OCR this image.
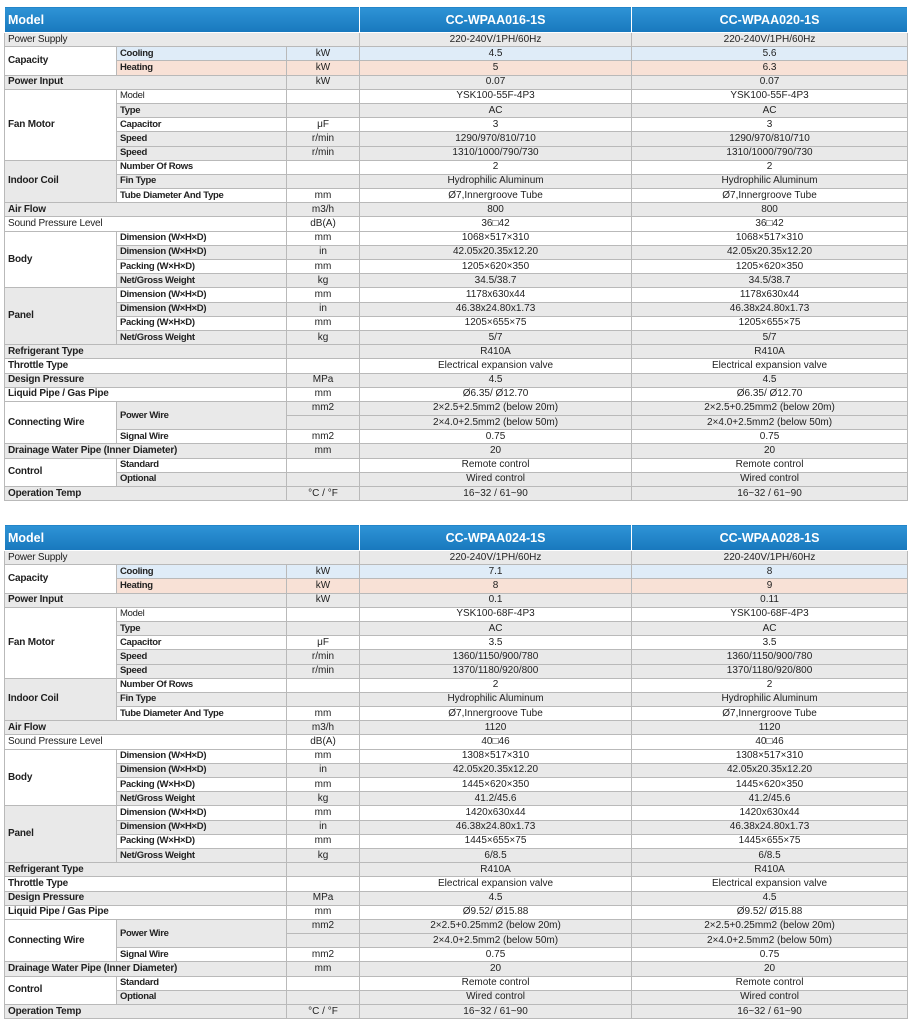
Model			CC-WPAA016-1S	CC-WPAA020-1S
Power Supply			220-240V/1PH/60Hz	220-240V/1PH/60Hz
Capacity	Cooling	kW	4.5	5.6
	Heating	kW	5	6.3
Power Input		kW	0.07	0.07
Fan Motor	Model		YSK100-55F-4P3	YSK100-55F-4P3
	Type		AC	AC
	Capacitor	μF	3	3
	Speed	r/min	1290/970/810/710	1290/970/810/710
	Speed	r/min	1310/1000/790/730	1310/1000/790/730
Indoor Coil	Number Of Rows		2	2
	Fin Type		Hydrophilic Aluminum	Hydrophilic Aluminum
	Tube Diameter And Type	mm	Ø7,Innergroove Tube	Ø7,Innergroove Tube
Air Flow		m3/h	800	800
Sound Pressure Level		dB(A)	36□42	36□42
Body	Dimension (W×H×D)	mm	1068×517×310	1068×517×310
	Dimension (W×H×D)	in	42.05x20.35x12.20	42.05x20.35x12.20
	Packing (W×H×D)	mm	1205×620×350	1205×620×350
	Net/Gross Weight	kg	34.5/38.7	34.5/38.7
Panel	Dimension (W×H×D)	mm	1178x630x44	1178x630x44
	Dimension (W×H×D)	in	46.38x24.80x1.73	46.38x24.80x1.73
	Packing (W×H×D)	mm	1205×655×75	1205×655×75
	Net/Gross Weight	kg	5/7	5/7
Refrigerant Type			R410A	R410A
Throttle Type			Electrical expansion valve	Electrical expansion valve
Design Pressure		MPa	4.5	4.5
Liquid Pipe / Gas Pipe		mm	Ø6.35/ Ø12.70	Ø6.35/ Ø12.70
Connecting Wire	Power Wire	mm2	2×2.5+2.5mm2 (below 20m)	2×2.5+0.25mm2 (below 20m)
			2×4.0+2.5mm2 (below 50m)	2×4.0+2.5mm2 (below 50m)
	Signal Wire	mm2	0.75	0.75
Drainage Water Pipe (Inner Diameter)		mm	20	20
Control	Standard		Remote control	Remote control
	Optional		Wired control	Wired control
Operation Temp		°C / °F	16~32 / 61~90	16~32 / 61~90
Model			CC-WPAA024-1S	CC-WPAA028-1S
Power Supply			220-240V/1PH/60Hz	220-240V/1PH/60Hz
Capacity	Cooling	kW	7.1	8
	Heating	kW	8	9
Power Input		kW	0.1	0.11
Fan Motor	Model		YSK100-68F-4P3	YSK100-68F-4P3
	Type		AC	AC
	Capacitor	μF	3.5	3.5
	Speed	r/min	1360/1150/900/780	1360/1150/900/780
	Speed	r/min	1370/1180/920/800	1370/1180/920/800
Indoor Coil	Number Of Rows		2	2
	Fin Type		Hydrophilic Aluminum	Hydrophilic Aluminum
	Tube Diameter And Type	mm	Ø7,Innergroove Tube	Ø7,Innergroove Tube
Air Flow		m3/h	1120	1120
Sound Pressure Level		dB(A)	40□46	40□46
Body	Dimension (W×H×D)	mm	1308×517×310	1308×517×310
	Dimension (W×H×D)	in	42.05x20.35x12.20	42.05x20.35x12.20
	Packing (W×H×D)	mm	1445×620×350	1445×620×350
	Net/Gross Weight	kg	41.2/45.6	41.2/45.6
Panel	Dimension (W×H×D)	mm	1420x630x44	1420x630x44
	Dimension (W×H×D)	in	46.38x24.80x1.73	46.38x24.80x1.73
	Packing (W×H×D)	mm	1445×655×75	1445×655×75
	Net/Gross Weight	kg	6/8.5	6/8.5
Refrigerant Type			R410A	R410A
Throttle Type			Electrical expansion valve	Electrical expansion valve
Design Pressure		MPa	4.5	4.5
Liquid Pipe / Gas Pipe		mm	Ø9.52/ Ø15.88	Ø9.52/ Ø15.88
Connecting Wire	Power Wire	mm2	2×2.5+0.25mm2 (below 20m)	2×2.5+0.25mm2 (below 20m)
			2×4.0+2.5mm2 (below 50m)	2×4.0+2.5mm2 (below 50m)
	Signal Wire	mm2	0.75	0.75
Drainage Water Pipe (Inner Diameter)		mm	20	20
Control	Standard		Remote control	Remote control
	Optional		Wired control	Wired control
Operation Temp		°C / °F	16~32 / 61~90	16~32 / 61~90
